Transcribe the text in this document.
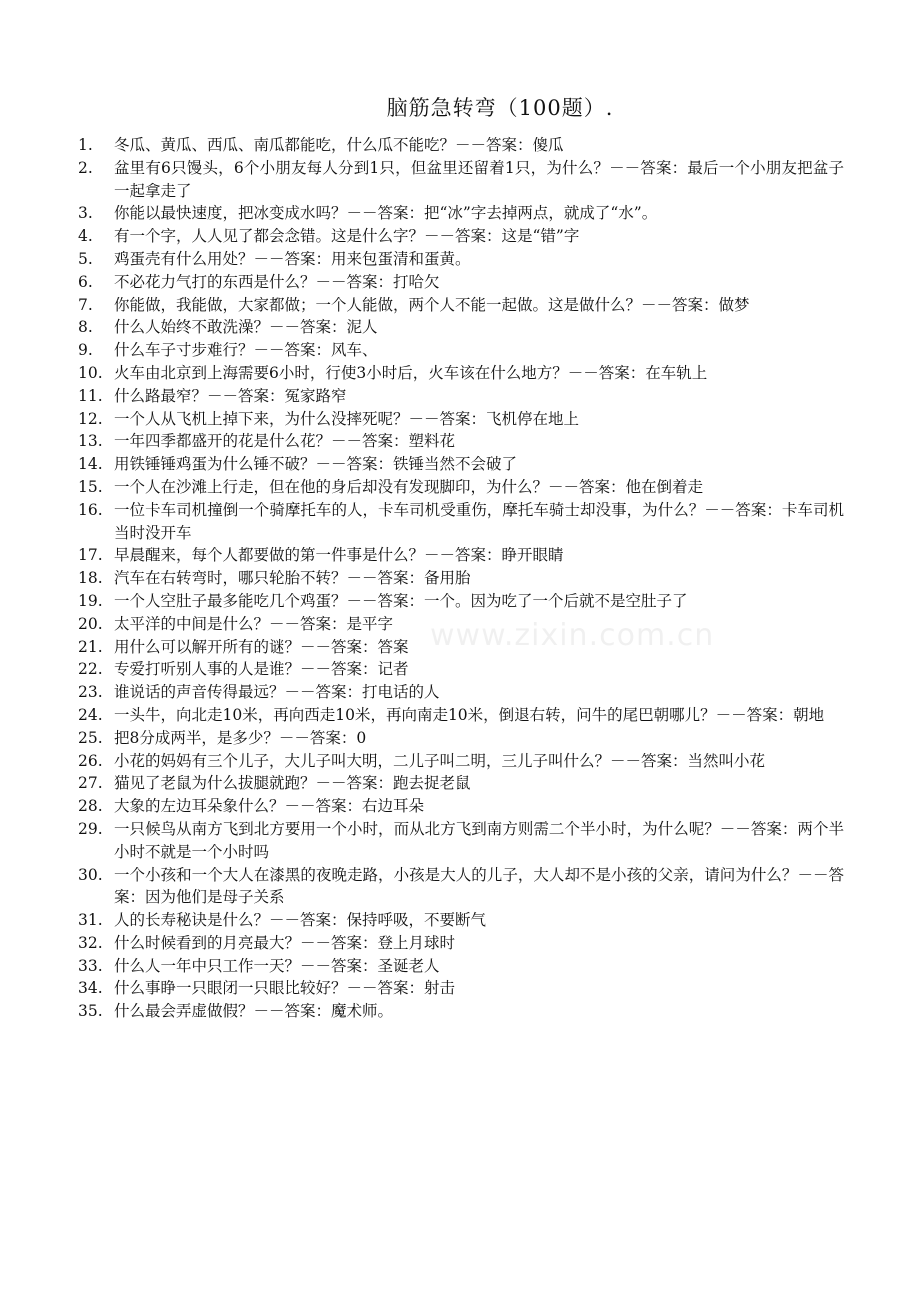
脑筋急转弯（100题）.
www.zixin.com.cn
1.	冬瓜、黄瓜、西瓜、南瓜都能吃，什么瓜不能吃？－－答案：傻瓜
2.	盆里有6只馒头，6个小朋友每人分到1只，但盆里还留着1只，为什么？－－答案：最后一个小朋友把盆子一起拿走了
3.	你能以最快速度，把冰变成水吗？－－答案：把“冰”字去掉两点，就成了“水”。
4.	有一个字，人人见了都会念错。这是什么字？－－答案：这是“错”字
5.	鸡蛋壳有什么用处？－－答案：用来包蛋清和蛋黄。
6.	不必花力气打的东西是什么？－－答案：打哈欠
7.	你能做，我能做，大家都做；一个人能做，两个人不能一起做。这是做什么？－－答案：做梦
8.	什么人始终不敢洗澡？－－答案：泥人
9.	什么车子寸步难行？－－答案：风车、
10. 火车由北京到上海需要6小时，行使3小时后，火车该在什么地方？－－答案：在车轨上
11. 什么路最窄？－－答案：冤家路窄
12. 一个人从飞机上掉下来，为什么没摔死呢？－－答案：飞机停在地上
13. 一年四季都盛开的花是什么花？－－答案：塑料花
14. 用铁锤锤鸡蛋为什么锤不破？－－答案：铁锤当然不会破了
15. 一个人在沙滩上行走，但在他的身后却没有发现脚印，为什么？－－答案：他在倒着走
16. 一位卡车司机撞倒一个骑摩托车的人，卡车司机受重伤，摩托车骑士却没事，为什么？－－答案：卡车司机当时没开车
17. 早晨醒来，每个人都要做的第一件事是什么？－－答案：睁开眼睛
18. 汽车在右转弯时，哪只轮胎不转？－－答案：备用胎
19. 一个人空肚子最多能吃几个鸡蛋？－－答案：一个。因为吃了一个后就不是空肚子了
20. 太平洋的中间是什么？－－答案：是平字
21. 用什么可以解开所有的谜？－－答案：答案
22. 专爱打听别人事的人是谁？－－答案：记者
23. 谁说话的声音传得最远？－－答案：打电话的人
24. 一头牛，向北走10米，再向西走10米，再向南走10米，倒退右转，问牛的尾巴朝哪儿？－－答案：朝地
25. 把8分成两半，是多少？－－答案：0
26. 小花的妈妈有三个儿子，大儿子叫大明，二儿子叫二明，三儿子叫什么？－－答案：当然叫小花
27. 猫见了老鼠为什么拔腿就跑？－－答案：跑去捉老鼠
28. 大象的左边耳朵象什么？－－答案：右边耳朵
29. 一只候鸟从南方飞到北方要用一个小时，而从北方飞到南方则需二个半小时，为什么呢？－－答案：两个半小时不就是一个小时吗
30. 一个小孩和一个大人在漆黑的夜晚走路，小孩是大人的儿子，大人却不是小孩的父亲，请问为什么？－－答案：因为他们是母子关系
31. 人的长寿秘诀是什么？－－答案：保持呼吸，不要断气
32. 什么时候看到的月亮最大？－－答案：登上月球时
33. 什么人一年中只工作一天？－－答案：圣诞老人
34. 什么事睁一只眼闭一只眼比较好？－－答案：射击
35. 什么最会弄虚做假？－－答案：魔术师。
